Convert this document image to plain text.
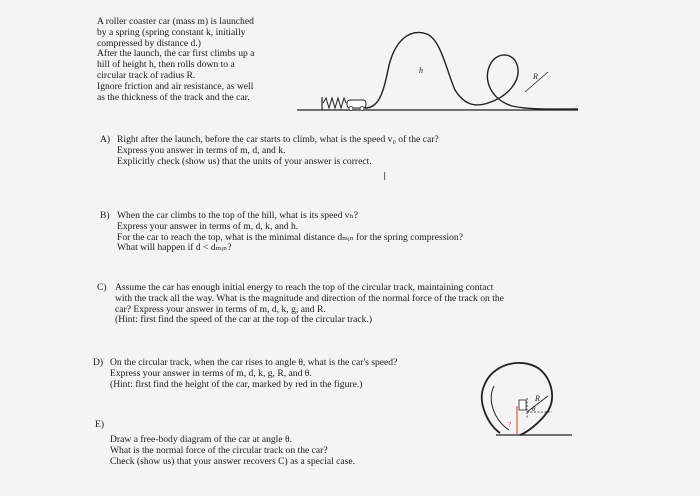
A roller coaster car (mass m) is launched
by a spring (spring constant k, initially
compressed by distance d.)
After the launch, the car first climbs up a
hill of height h, then rolls down to a
circular track of radius R.
Ignore friction and air resistance, as well
as the thickness of the track and the car.
h
R
A) Right after the launch, before the car starts to climb, what is the speed v₀ of the car?
Express you answer in terms of m, d, and k.
Explicitly check (show us) that the units of your answer is correct.
I
B) When the car climbs to the top of the hill, what is its speed vₕ?
Express your answer in terms of m, d, k, and h.
For the car to reach the top, what is the minimal distance dₘᵢₙ for the spring compression?
What will happen if d < dₘᵢₙ?
C) Assume the car has enough initial energy to reach the top of the circular track, maintaining contact
with the track all the way. What is the magnitude and direction of the normal force of the track on the
car? Express your answer in terms of m, d, k, g, and R.
(Hint: first find the speed of the car at the top of the circular track.)
D) On the circular track, when the car rises to angle θ, what is the car's speed?
Express your answer in terms of m, d, k, g, R, and θ.
(Hint: first find the height of the car, marked by red in the figure.)
E)
Draw a free-body diagram of the car at angle θ.
What is the normal force of the circular track on the car?
Check (show us) that your answer recovers C) as a special case.
R
θ
?
